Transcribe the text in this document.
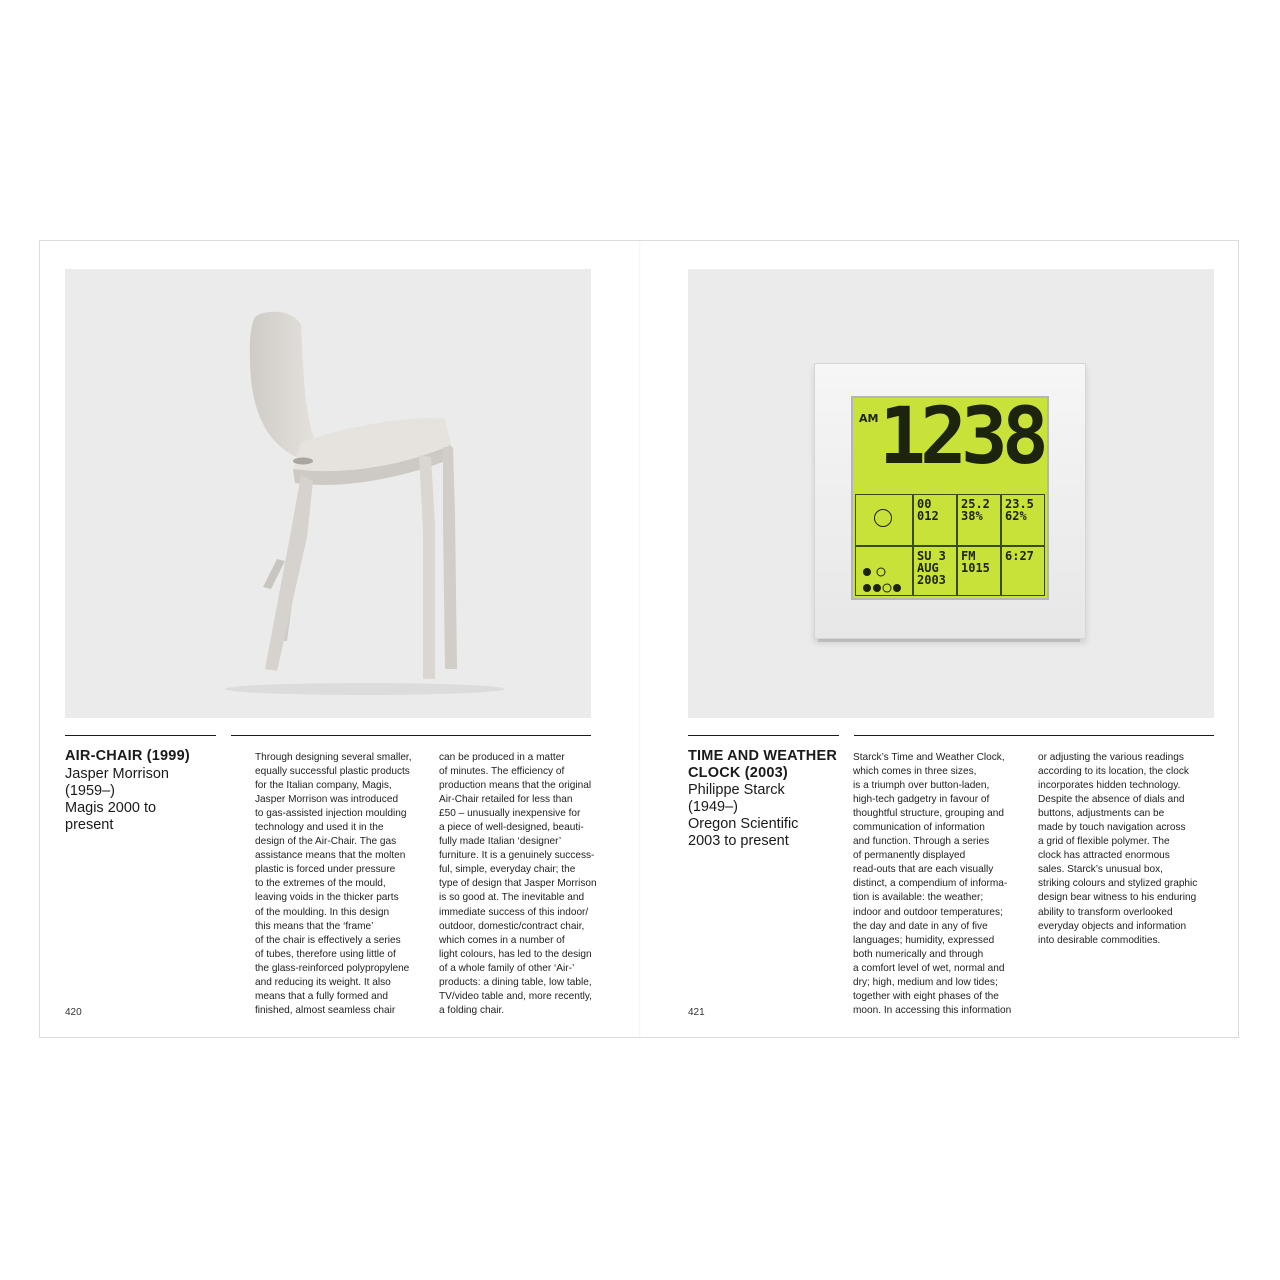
AIR-CHAIR (1999)
Jasper Morrison
(1959–)
Magis 2000 to
present
Through designing several smaller,
equally successful plastic products
for the Italian company, Magis,
Jasper Morrison was introduced
to gas-assisted injection moulding
technology and used it in the
design of the Air-Chair. The gas
assistance means that the molten
plastic is forced under pressure
to the extremes of the mould,
leaving voids in the thicker parts
of the moulding. In this design
this means that the ‘frame’
of the chair is effectively a series
of tubes, therefore using little of
the glass-reinforced polypropylene
and reducing its weight. It also
means that a fully formed and
finished, almost seamless chair
can be produced in a matter
of minutes. The efficiency of
production means that the original
Air-Chair retailed for less than
£50 – unusually inexpensive for
a piece of well-designed, beauti-
fully made Italian ‘designer’
furniture. It is a genuinely success-
ful, simple, everyday chair; the
type of design that Jasper Morrison
is so good at. The inevitable and
immediate success of this indoor/
outdoor, domestic/contract chair,
which comes in a number of
light colours, has led to the design
of a whole family of other ‘Air-’
products: a dining table, low table,
TV/video table and, more recently,
a folding chair.
420
AM 1238
00
012
25.2
38%
23.5
62%

SU 3
AUG
2003
FM
1015
6:27
TIME AND WEATHER
CLOCK (2003)
Philippe Starck
(1949–)
Oregon Scientific
2003 to present
Starck’s Time and Weather Clock,
which comes in three sizes,
is a triumph over button-laden,
high-tech gadgetry in favour of
thoughtful structure, grouping and
communication of information
and function. Through a series
of permanently displayed
read-outs that are each visually
distinct, a compendium of informa-
tion is available: the weather;
indoor and outdoor temperatures;
the day and date in any of five
languages; humidity, expressed
both numerically and through
a comfort level of wet, normal and
dry; high, medium and low tides;
together with eight phases of the
moon. In accessing this information
or adjusting the various readings
according to its location, the clock
incorporates hidden technology.
Despite the absence of dials and
buttons, adjustments can be
made by touch navigation across
a grid of flexible polymer. The
clock has attracted enormous
sales. Starck’s unusual box,
striking colours and stylized graphic
design bear witness to his enduring
ability to transform overlooked
everyday objects and information
into desirable commodities.
421
